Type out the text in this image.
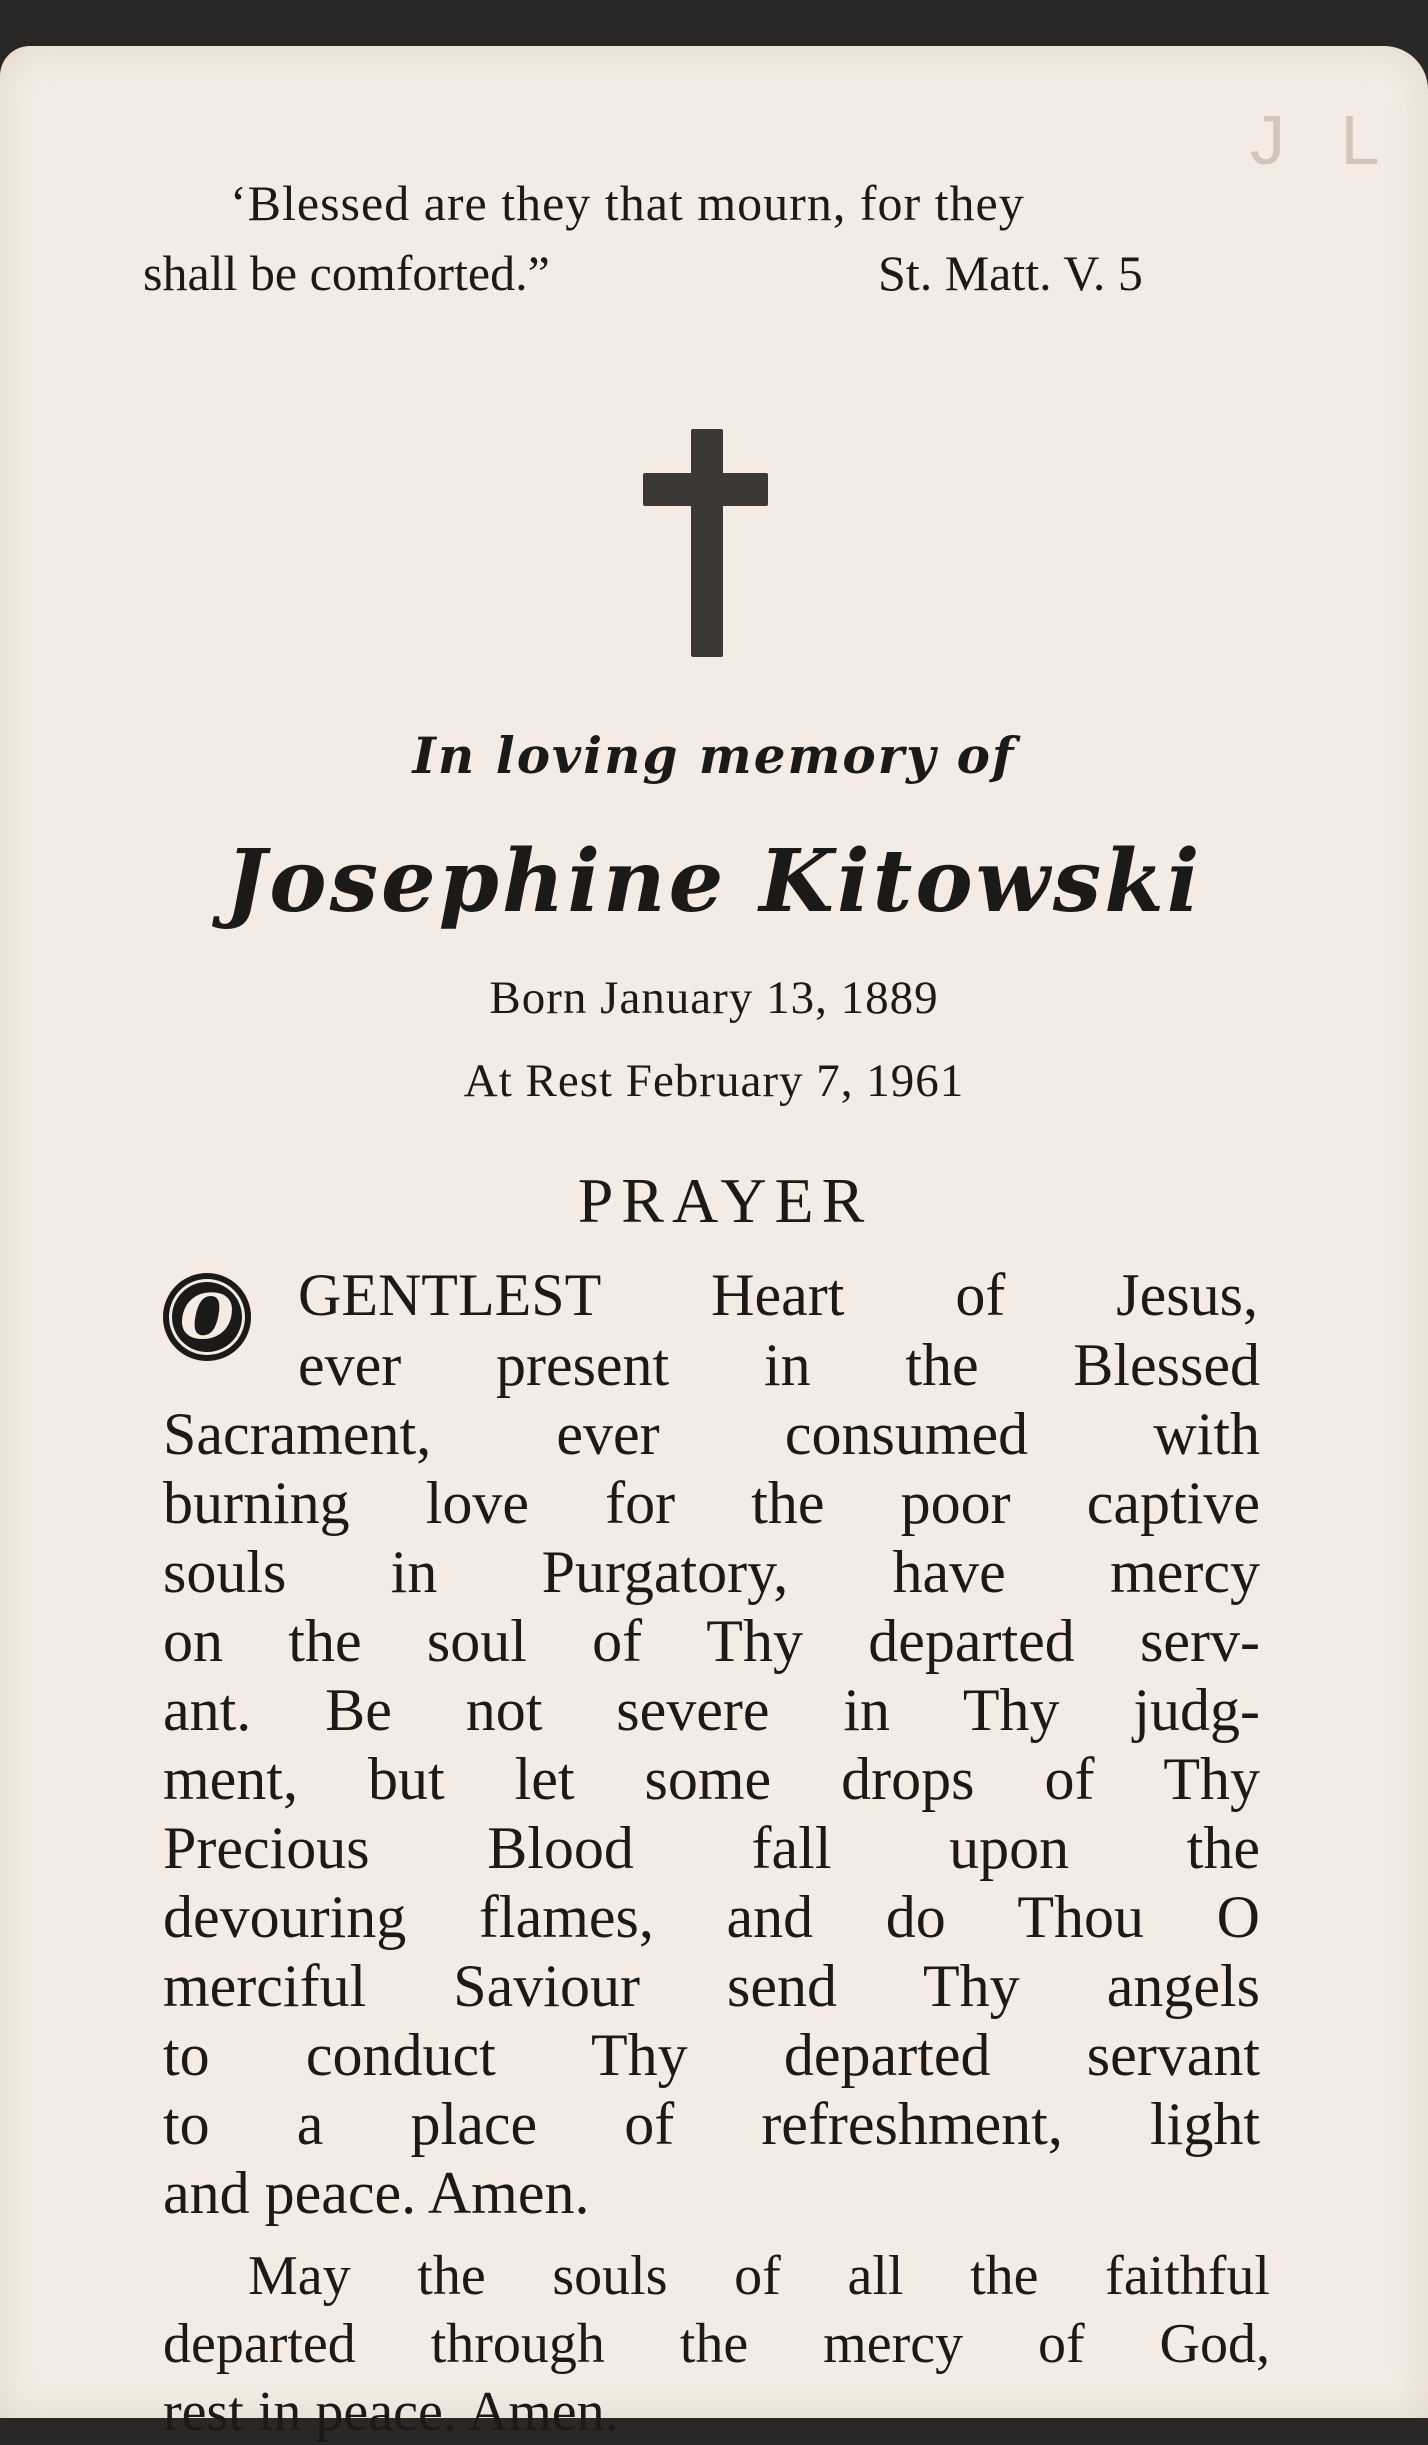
J L
‘Blessed are they that mourn, for they
shall be comforted.”	St. Matt. V. 5
In loving memory of
Josephine Kitowski
Born January 13, 1889
At Rest February 7, 1961
PRAYER
O GENTLEST Heart of Jesus,
ever present in the Blessed
Sacrament, ever consumed with
burning love for the poor captive
souls in Purgatory, have mercy
on the soul of Thy departed serv-
ant. Be not severe in Thy judg-
ment, but let some drops of Thy
Precious Blood fall upon the
devouring flames, and do Thou O
merciful Saviour send Thy angels
to conduct Thy departed servant
to a place of refreshment, light
and peace. Amen.
May the souls of all the faithful
departed through the mercy of God,
rest in peace. Amen.
